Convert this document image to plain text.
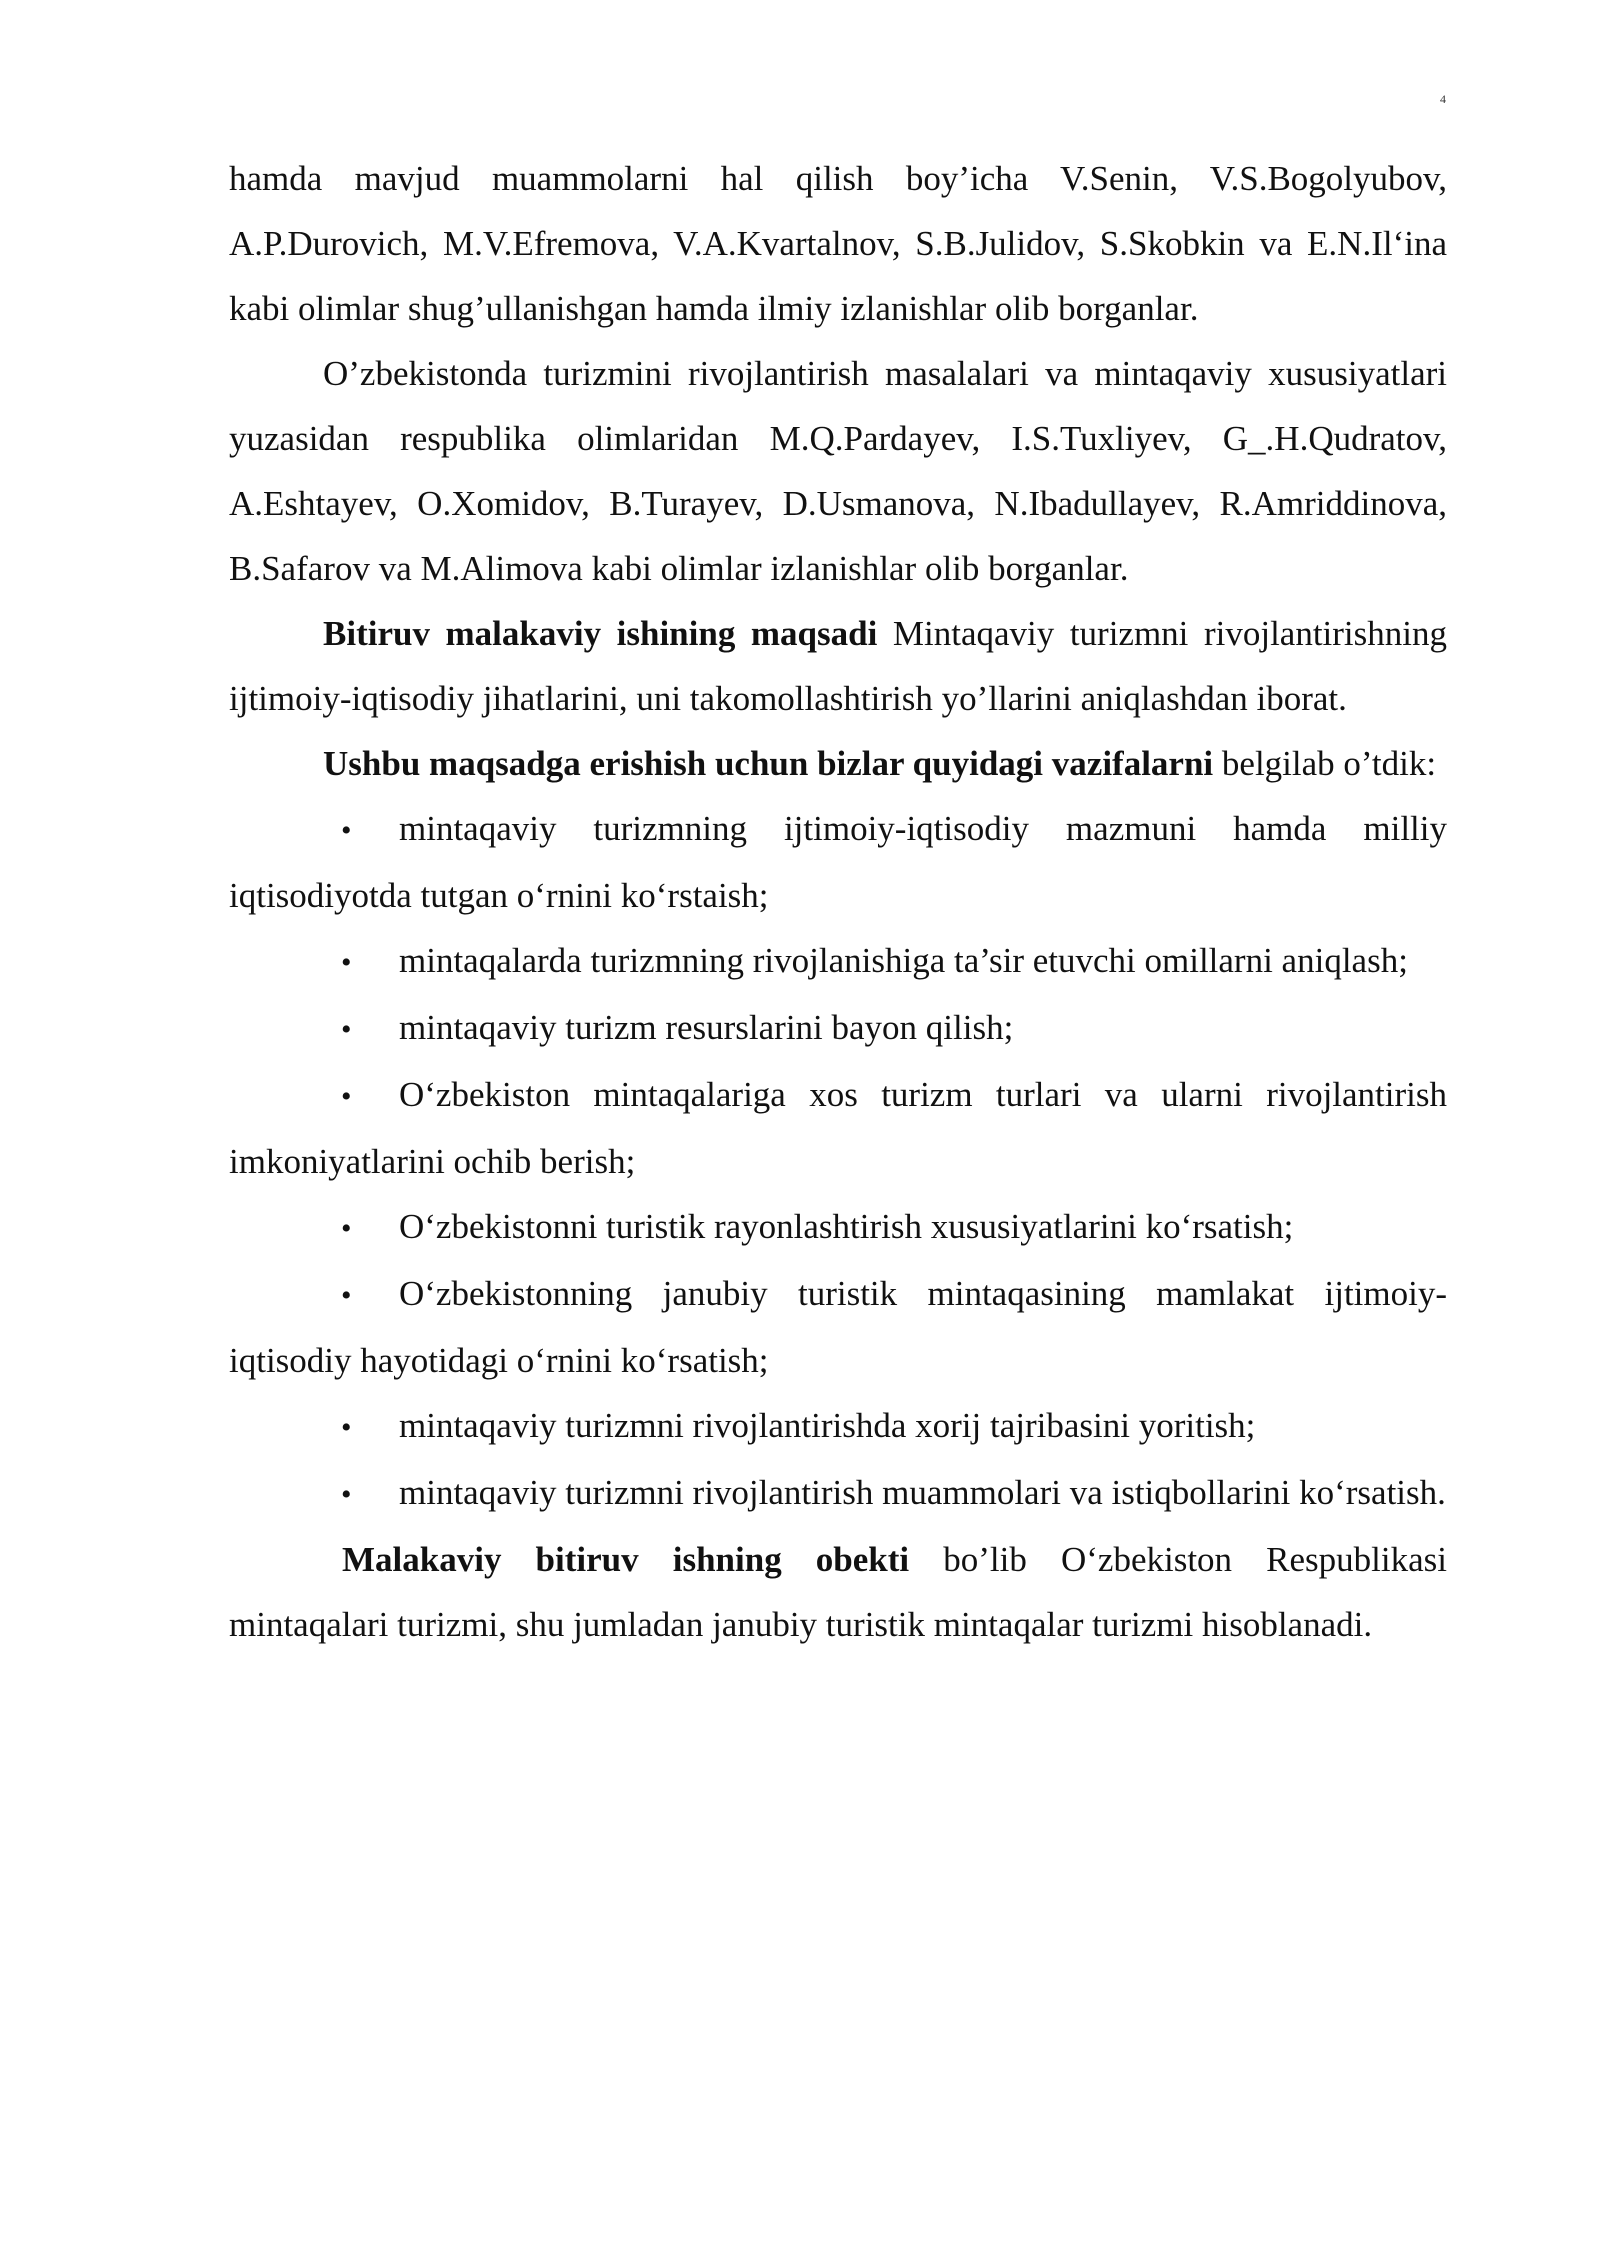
4

hamda mavjud muammolarni hal qilish boy’icha V.Senin, V.S.Bogolyubov, A.P.Durovich, M.V.Efremova, V.A.Kvartalnov, S.B.Julidov, S.Skobkin va E.N.Il‘ina kabi olimlar shug’ullanishgan hamda ilmiy izlanishlar olib borganlar.

O’zbekistonda turizmini rivojlantirish masalalari va mintaqaviy xususiyatlari yuzasidan respublika olimlaridan M.Q.Pardayev, I.S.Tuxliyev, G_.H.Qudratov, A.Eshtayev, O.Xomidov, B.Turayev, D.Usmanova, N.Ibadullayev, R.Amriddinova, B.Safarov va M.Alimova kabi olimlar izlanishlar olib borganlar.

Bitiruv malakaviy ishining maqsadi Mintaqaviy turizmni rivojlantirishning ijtimoiy-iqtisodiy jihatlarini, uni takomollashtirish yo’llarini aniqlashdan iborat.

Ushbu maqsadga erishish uchun bizlar quyidagi vazifalarni belgilab o’tdik:

• mintaqaviy turizmning ijtimoiy-iqtisodiy mazmuni hamda milliy iqtisodiyotda tutgan o‘rnini ko‘rstaish;

• mintaqalarda turizmning rivojlanishiga ta’sir etuvchi omillarni aniqlash;

• mintaqaviy turizm resurslarini bayon qilish;

• O‘zbekiston mintaqalariga xos turizm turlari va ularni rivojlantirish imkoniyatlarini ochib berish;

• O‘zbekistonni turistik rayonlashtirish xususiyatlarini ko‘rsatish;

• O‘zbekistonning janubiy turistik mintaqasining mamlakat ijtimoiy-iqtisodiy hayotidagi o‘rnini ko‘rsatish;

• mintaqaviy turizmni rivojlantirishda xorij tajribasini yoritish;

• mintaqaviy turizmni rivojlantirish muammolari va istiqbollarini ko‘rsatish.

Malakaviy bitiruv ishning obekti bo’lib O‘zbekiston Respublikasi mintaqalari turizmi, shu jumladan janubiy turistik mintaqalar turizmi hisoblanadi.
